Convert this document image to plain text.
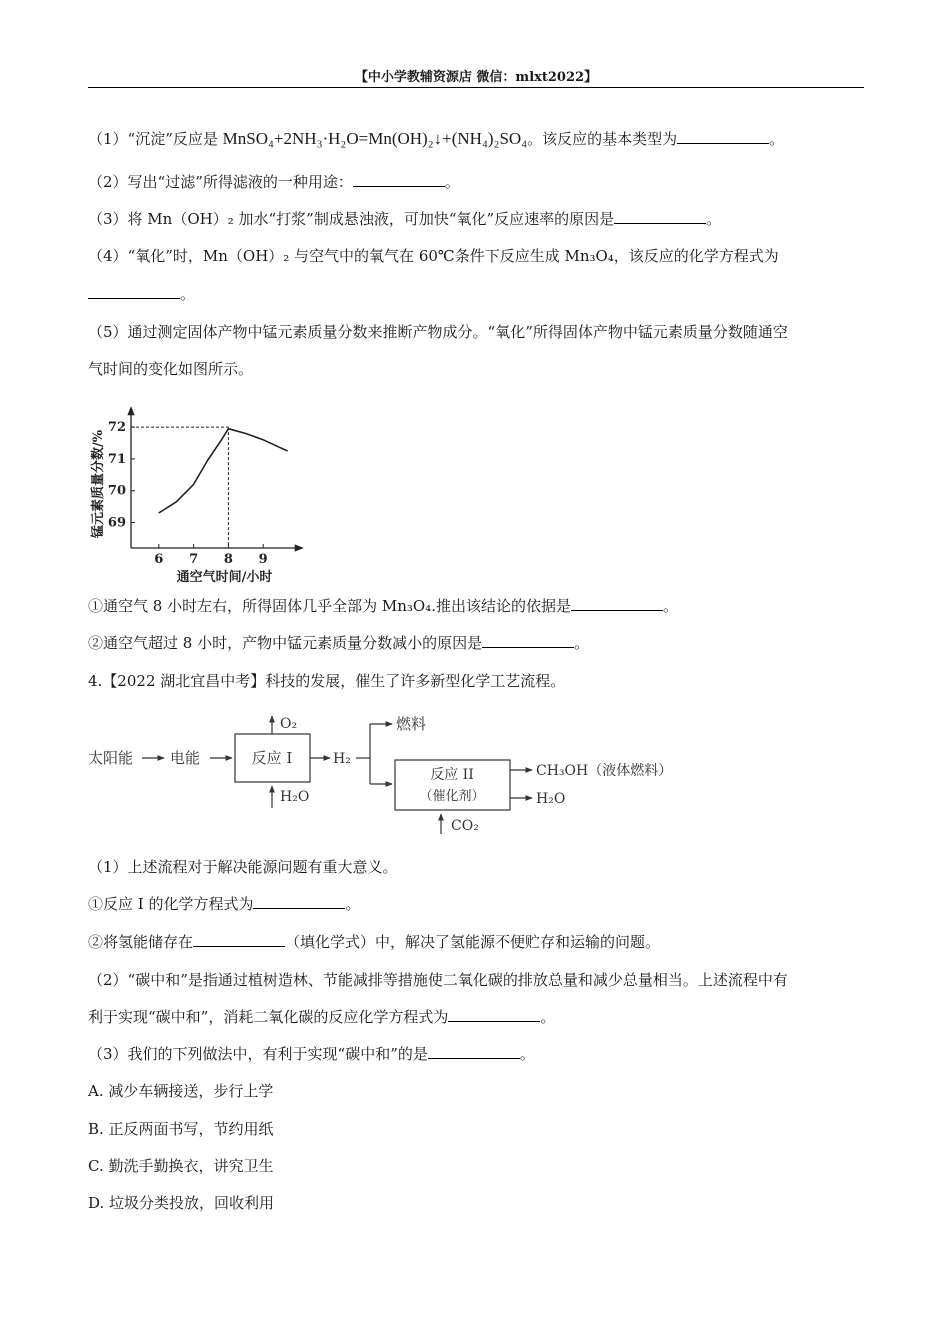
【中小学教辅资源店 微信：mlxt2022】
（1）“沉淀”反应是 MnSO₄+2NH₃·H₂O=Mn(OH)₂↓+(NH₄)₂SO₄。该反应的基本类型为	。
（2）写出“过滤”所得滤液的一种用途：	。
（3）将 Mn（OH）₂ 加水“打浆”制成悬浊液，可加快“氧化”反应速率的原因是	。
（4）“氧化”时，Mn（OH）₂ 与空气中的氧气在 60℃条件下反应生成 Mn₃O₄，该反应的化学方程式为
。
（5）通过测定固体产物中锰元素质量分数来推断产物成分。“氧化”所得固体产物中锰元素质量分数随通空
气时间的变化如图所示。
6 7 8 9
69
70
71
72
通空气时间/小时
锰元素质量分数/%
①通空气 8 小时左右，所得固体几乎全部为 Mn₃O₄.推出该结论的依据是	。
②通空气超过 8 小时，产物中锰元素质量分数减小的原因是	。
4.【2022 湖北宜昌中考】科技的发展，催生了许多新型化学工艺流程。
太阳能 电能	反应 I
O₂
H₂O
H₂
燃料
反应 II
（催化剂）
CH₃OH（液体燃料）
H₂O
CO₂
（1）上述流程对于解决能源问题有重大意义。
①反应 I 的化学方程式为	。
②将氢能储存在	（填化学式）中，解决了氢能源不便贮存和运输的问题。
（2）“碳中和”是指通过植树造林、节能减排等措施使二氧化碳的排放总量和减少总量相当。上述流程中有
利于实现“碳中和”，消耗二氧化碳的反应化学方程式为	。
（3）我们的下列做法中，有利于实现“碳中和”的是	。
A. 减少车辆接送，步行上学
B. 正反两面书写，节约用纸
C. 勤洗手勤换衣，讲究卫生
D. 垃圾分类投放，回收利用
